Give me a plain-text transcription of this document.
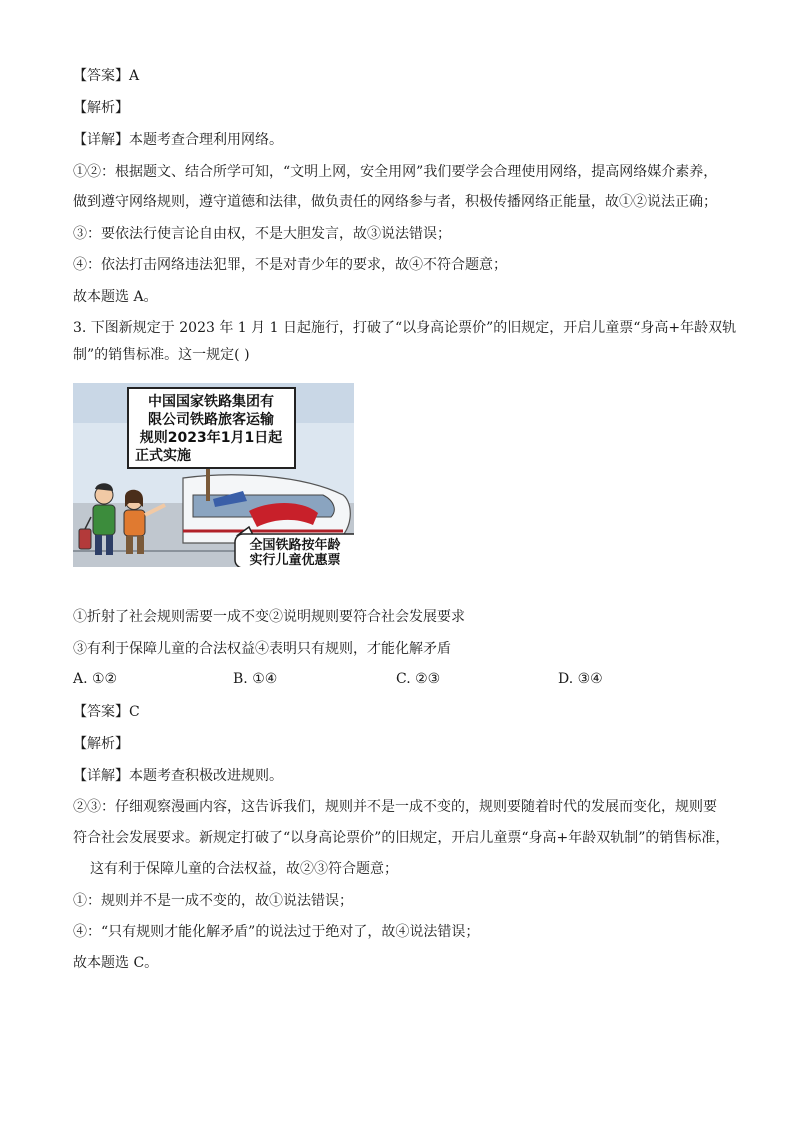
【答案】A
【解析】
【详解】本题考查合理利用网络。
①②：根据题文、结合所学可知，“文明上网，安全用网”我们要学会合理使用网络，提高网络媒介素养，
做到遵守网络规则，遵守道德和法律，做负责任的网络参与者，积极传播网络正能量，故①②说法正确；
③：要依法行使言论自由权，不是大胆发言，故③说法错误；
④：依法打击网络违法犯罪，不是对青少年的要求，故④不符合题意；
故本题选 A。
3. 下图新规定于 2023 年 1 月 1 日起施行，打破了“以身高论票价”的旧规定，开启儿童票“身高+年龄双轨
制”的销售标准。这一规定( )
中国国家铁路集团有
限公司铁路旅客运输
规则2023年1月1日起
正式实施
全国铁路按年龄
实行儿童优惠票
①折射了社会规则需要一成不变②说明规则要符合社会发展要求
③有利于保障儿童的合法权益④表明只有规则，才能化解矛盾
A. ①②	B. ①④	C. ②③	D. ③④
【答案】C
【解析】
【详解】本题考查积极改进规则。
②③：仔细观察漫画内容，这告诉我们，规则并不是一成不变的，规则要随着时代的发展而变化，规则要
符合社会发展要求。新规定打破了“以身高论票价”的旧规定，开启儿童票“身高+年龄双轨制”的销售标准，
这有利于保障儿童的合法权益，故②③符合题意；
①：规则并不是一成不变的，故①说法错误；
④：“只有规则才能化解矛盾”的说法过于绝对了，故④说法错误；
故本题选 C。
